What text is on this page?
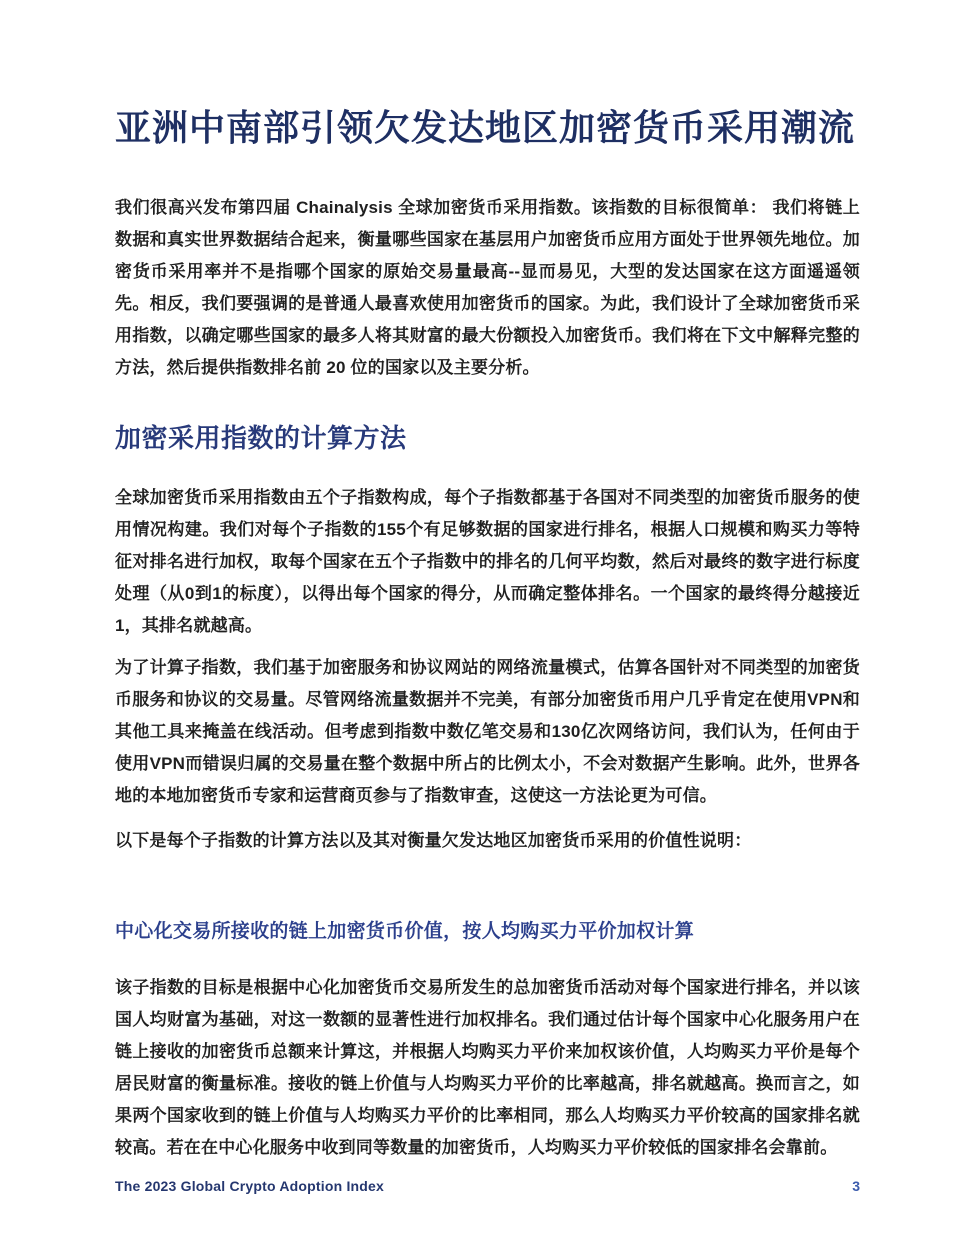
亚洲中南部引领欠发达地区加密货币采用潮流

我们很高兴发布第四届 Chainalysis 全球加密货币采用指数。该指数的目标很简单： 我们将链上数据和真实世界数据结合起来，衡量哪些国家在基层用户加密货币应用方面处于世界领先地位。加密货币采用率并不是指哪个国家的原始交易量最高--显而易见，大型的发达国家在这方面遥遥领先。相反，我们要强调的是普通人最喜欢使用加密货币的国家。为此，我们设计了全球加密货币采用指数，以确定哪些国家的最多人将其财富的最大份额投入加密货币。我们将在下文中解释完整的方法，然后提供指数排名前 20 位的国家以及主要分析。

加密采用指数的计算方法

全球加密货币采用指数由五个子指数构成，每个子指数都基于各国对不同类型的加密货币服务的使用情况构建。我们对每个子指数的155个有足够数据的国家进行排名，根据人口规模和购买力等特征对排名进行加权，取每个国家在五个子指数中的排名的几何平均数，然后对最终的数字进行标度处理（从0到1的标度），以得出每个国家的得分，从而确定整体排名。一个国家的最终得分越接近1，其排名就越高。

为了计算子指数，我们基于加密服务和协议网站的网络流量模式，估算各国针对不同类型的加密货币服务和协议的交易量。尽管网络流量数据并不完美，有部分加密货币用户几乎肯定在使用VPN和其他工具来掩盖在线活动。但考虑到指数中数亿笔交易和130亿次网络访问，我们认为，任何由于使用VPN而错误归属的交易量在整个数据中所占的比例太小，不会对数据产生影响。此外，世界各地的本地加密货币专家和运营商页参与了指数审查，这使这一方法论更为可信。

以下是每个子指数的计算方法以及其对衡量欠发达地区加密货币采用的价值性说明：

中心化交易所接收的链上加密货币价值，按人均购买力平价加权计算

该子指数的目标是根据中心化加密货币交易所发生的总加密货币活动对每个国家进行排名，并以该国人均财富为基础，对这一数额的显著性进行加权排名。我们通过估计每个国家中心化服务用户在链上接收的加密货币总额来计算这，并根据人均购买力平价来加权该价值，人均购买力平价是每个居民财富的衡量标准。接收的链上价值与人均购买力平价的比率越高，排名就越高。换而言之，如果两个国家收到的链上价值与人均购买力平价的比率相同，那么人均购买力平价较高的国家排名就较高。若在在中心化服务中收到同等数量的加密货币，人均购买力平价较低的国家排名会靠前。

The 2023 Global Crypto Adoption Index	3
